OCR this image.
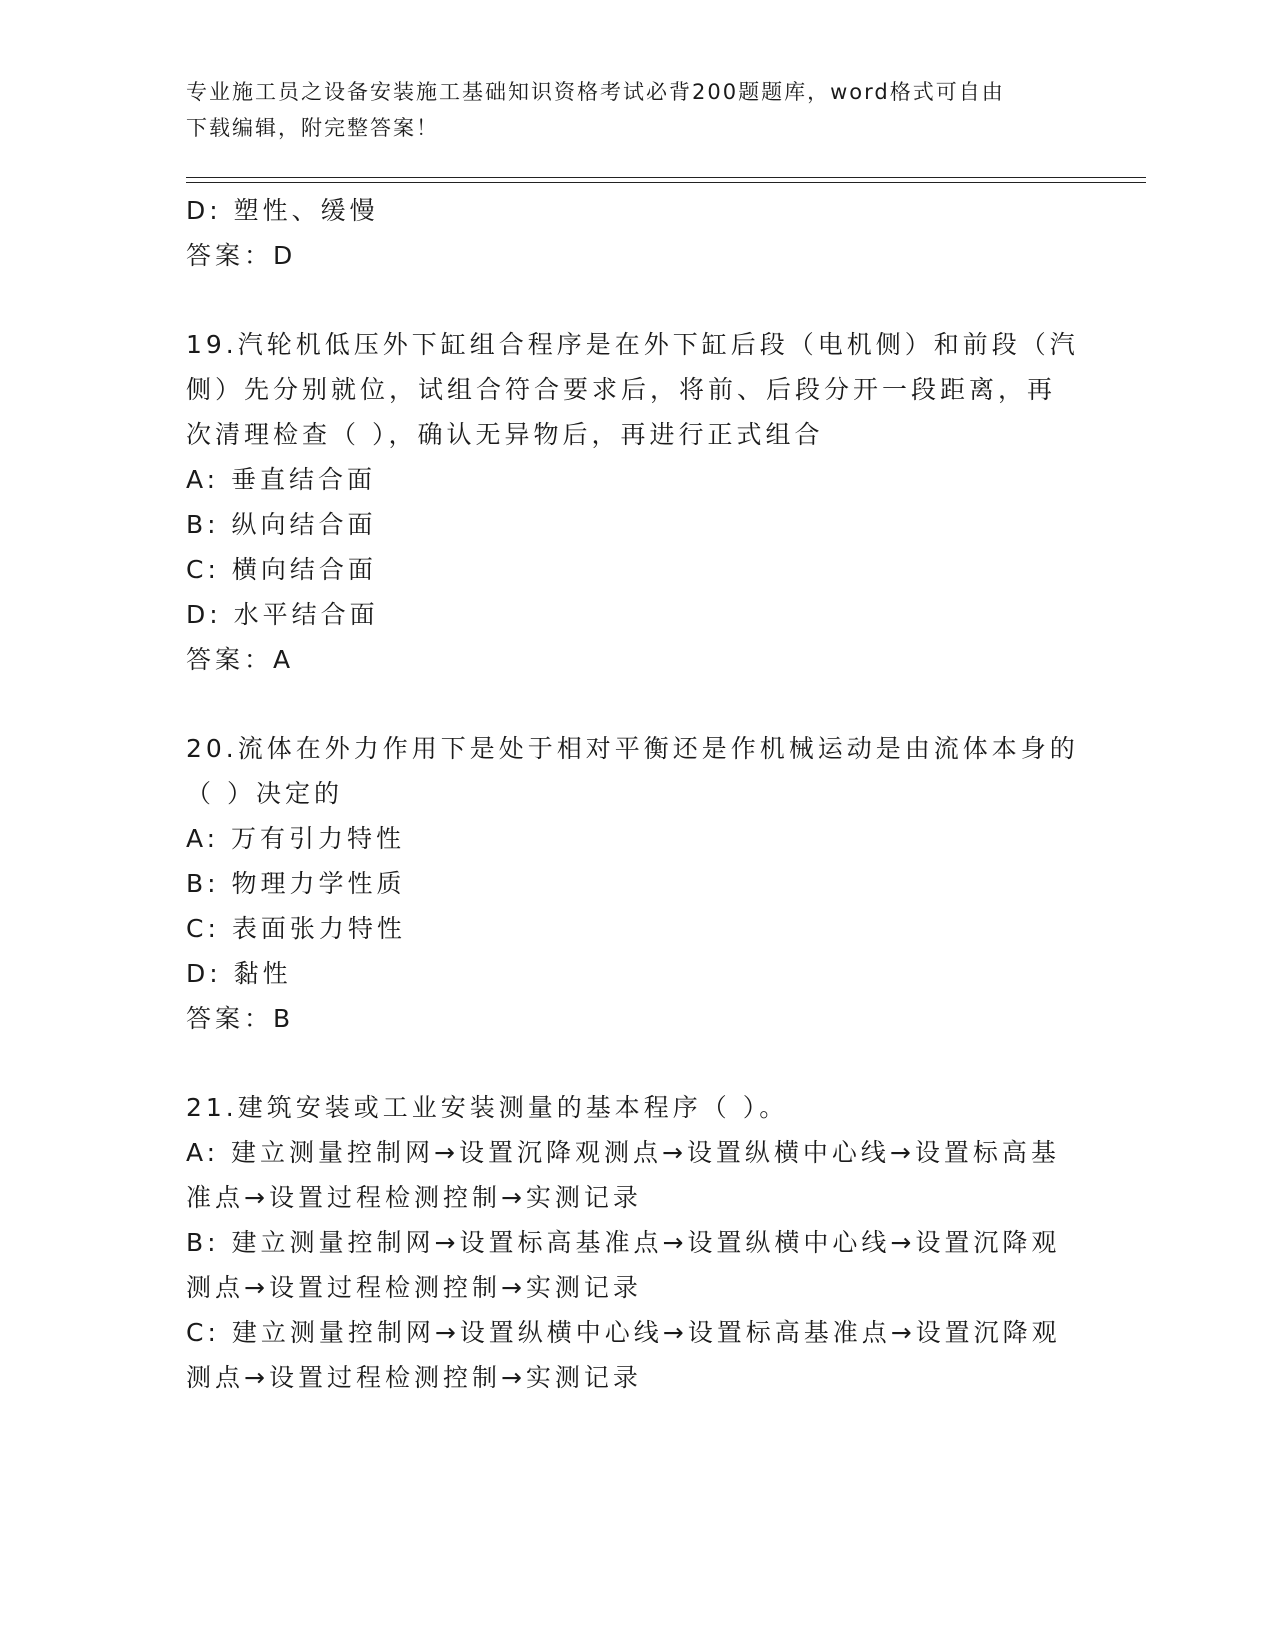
专业施工员之设备安装施工基础知识资格考试必背200题题库，word格式可自由
下载编辑，附完整答案！
D: 塑性、缓慢
答案：D
19.汽轮机低压外下缸组合程序是在外下缸后段（电机侧）和前段（汽
侧）先分别就位，试组合符合要求后，将前、后段分开一段距离，再
次清理检查（ ），确认无异物后，再进行正式组合
A: 垂直结合面
B: 纵向结合面
C: 横向结合面
D: 水平结合面
答案：A
20.流体在外力作用下是处于相对平衡还是作机械运动是由流体本身的
（ ）决定的
A: 万有引力特性
B: 物理力学性质
C: 表面张力特性
D: 黏性
答案：B
21.建筑安装或工业安装测量的基本程序（ ）。
A: 建立测量控制网→设置沉降观测点→设置纵横中心线→设置标高基
准点→设置过程检测控制→实测记录
B: 建立测量控制网→设置标高基准点→设置纵横中心线→设置沉降观
测点→设置过程检测控制→实测记录
C: 建立测量控制网→设置纵横中心线→设置标高基准点→设置沉降观
测点→设置过程检测控制→实测记录
